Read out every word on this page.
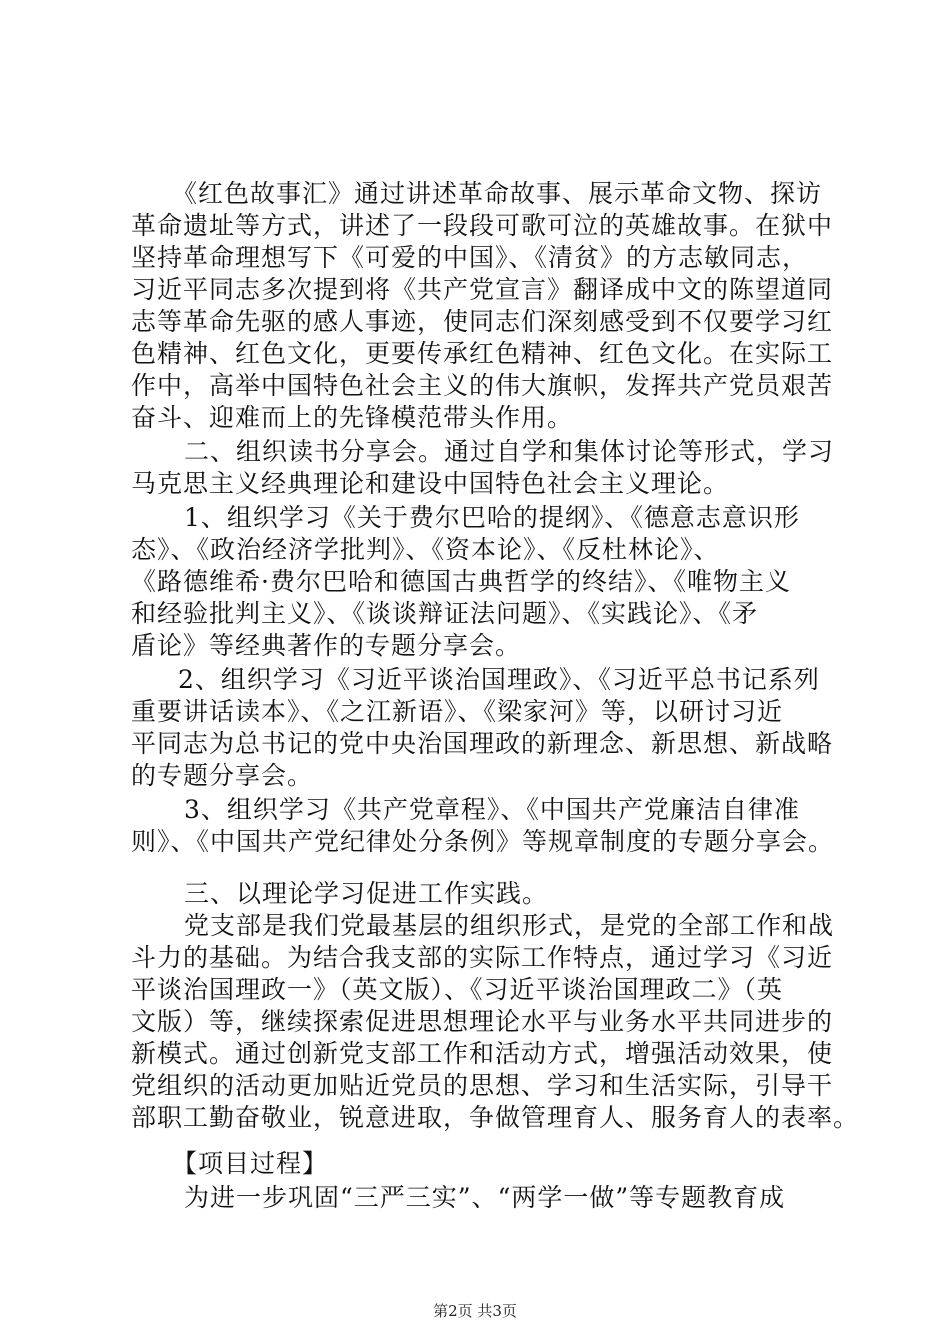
《红色故事汇》通过讲述革命故事、展示革命文物、探访
革命遗址等方式，讲述了一段段可歌可泣的英雄故事。在狱中
坚持革命理想写下《可爱的中国》、《清贫》的方志敏同志，
习近平同志多次提到将《共产党宣言》翻译成中文的陈望道同
志等革命先驱的感人事迹，使同志们深刻感受到不仅要学习红
色精神、红色文化，更要传承红色精神、红色文化。在实际工
作中，高举中国特色社会主义的伟大旗帜，发挥共产党员艰苦
奋斗、迎难而上的先锋模范带头作用。
二、组织读书分享会。通过自学和集体讨论等形式，学习
马克思主义经典理论和建设中国特色社会主义理论。
1、组织学习《关于费尔巴哈的提纲》、《德意志意识形
态》、《政治经济学批判》、《资本论》、《反杜林论》、
《路德维希·费尔巴哈和德国古典哲学的终结》、《唯物主义
和经验批判主义》、《谈谈辩证法问题》、《实践论》、《矛
盾论》等经典著作的专题分享会。
2、组织学习《习近平谈治国理政》、《习近平总书记系列
重要讲话读本》、《之江新语》、《梁家河》等，以研讨习近
平同志为总书记的党中央治国理政的新理念、新思想、新战略
的专题分享会。
3、组织学习《共产党章程》、《中国共产党廉洁自律准
则》、《中国共产党纪律处分条例》等规章制度的专题分享会。
三、以理论学习促进工作实践。
党支部是我们党最基层的组织形式，是党的全部工作和战
斗力的基础。为结合我支部的实际工作特点，通过学习《习近
平谈治国理政一》（英文版）、《习近平谈治国理政二》（英
文版）等，继续探索促进思想理论水平与业务水平共同进步的
新模式。通过创新党支部工作和活动方式，增强活动效果，使
党组织的活动更加贴近党员的思想、学习和生活实际，引导干
部职工勤奋敬业，锐意进取，争做管理育人、服务育人的表率。
【项目过程】
为进一步巩固“三严三实”、“两学一做”等专题教育成
第2页 共3页
